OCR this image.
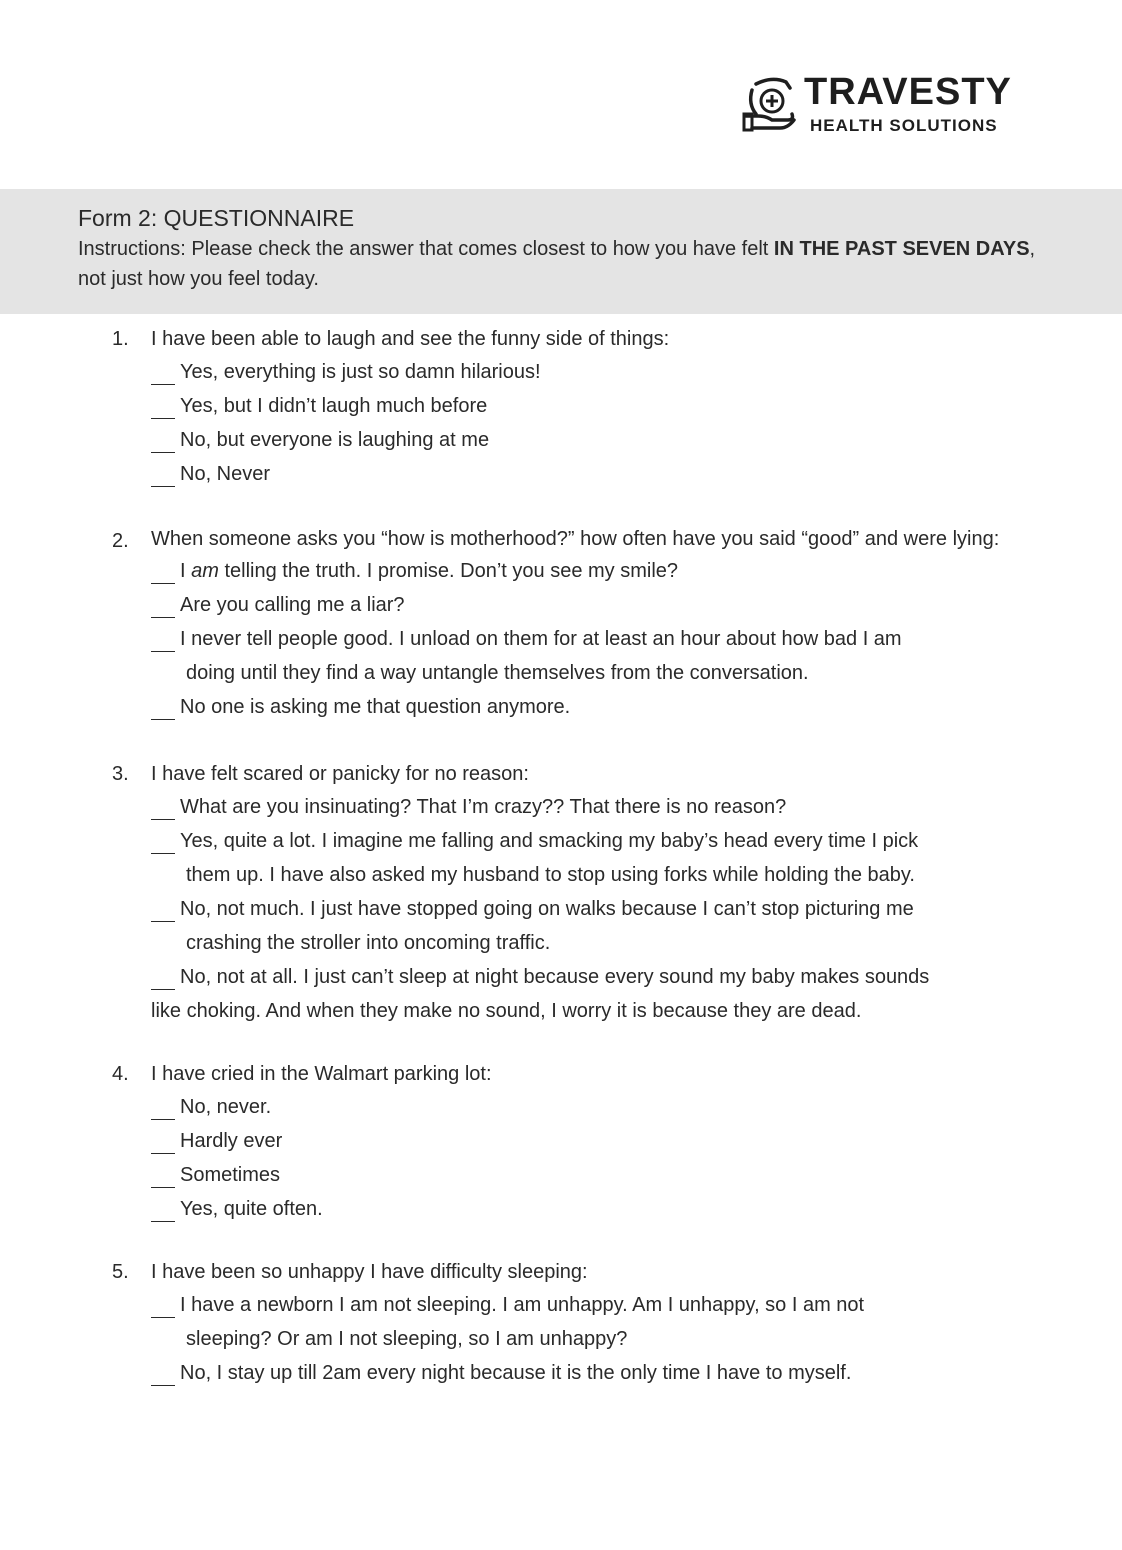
TRAVESTY
HEALTH SOLUTIONS
Form 2: QUESTIONNAIRE
Instructions: Please check the answer that comes closest to how you have felt IN THE PAST SEVEN DAYS, not just how you feel today.
1. I have been able to laugh and see the funny side of things:

Yes, everything is just so damn hilarious!
Yes, but I didn’t laugh much before
No, but everyone is laughing at me
No, Never
2. When someone asks you “how is motherhood?” how often have you said “good” and were lying:

I am telling the truth. I promise. Don’t you see my smile?
Are you calling me a liar?
I never tell people good. I unload on them for at least an hour about how bad I am
doing until they find a way untangle themselves from the conversation.
No one is asking me that question anymore.
3. I have felt scared or panicky for no reason:

What are you insinuating? That I’m crazy?? That there is no reason?
Yes, quite a lot. I imagine me falling and smacking my baby’s head every time I pick
them up. I have also asked my husband to stop using forks while holding the baby.
No, not much. I just have stopped going on walks because I can’t stop picturing me
crashing the stroller into oncoming traffic.
No, not at all. I just can’t sleep at night because every sound my baby makes sounds
like choking. And when they make no sound, I worry it is because they are dead.
4. I have cried in the Walmart parking lot:

No, never.
Hardly ever
Sometimes
Yes, quite often.
5. I have been so unhappy I have difficulty sleeping:

I have a newborn I am not sleeping. I am unhappy. Am I unhappy, so I am not
sleeping? Or am I not sleeping, so I am unhappy?
No, I stay up till 2am every night because it is the only time I have to myself.
